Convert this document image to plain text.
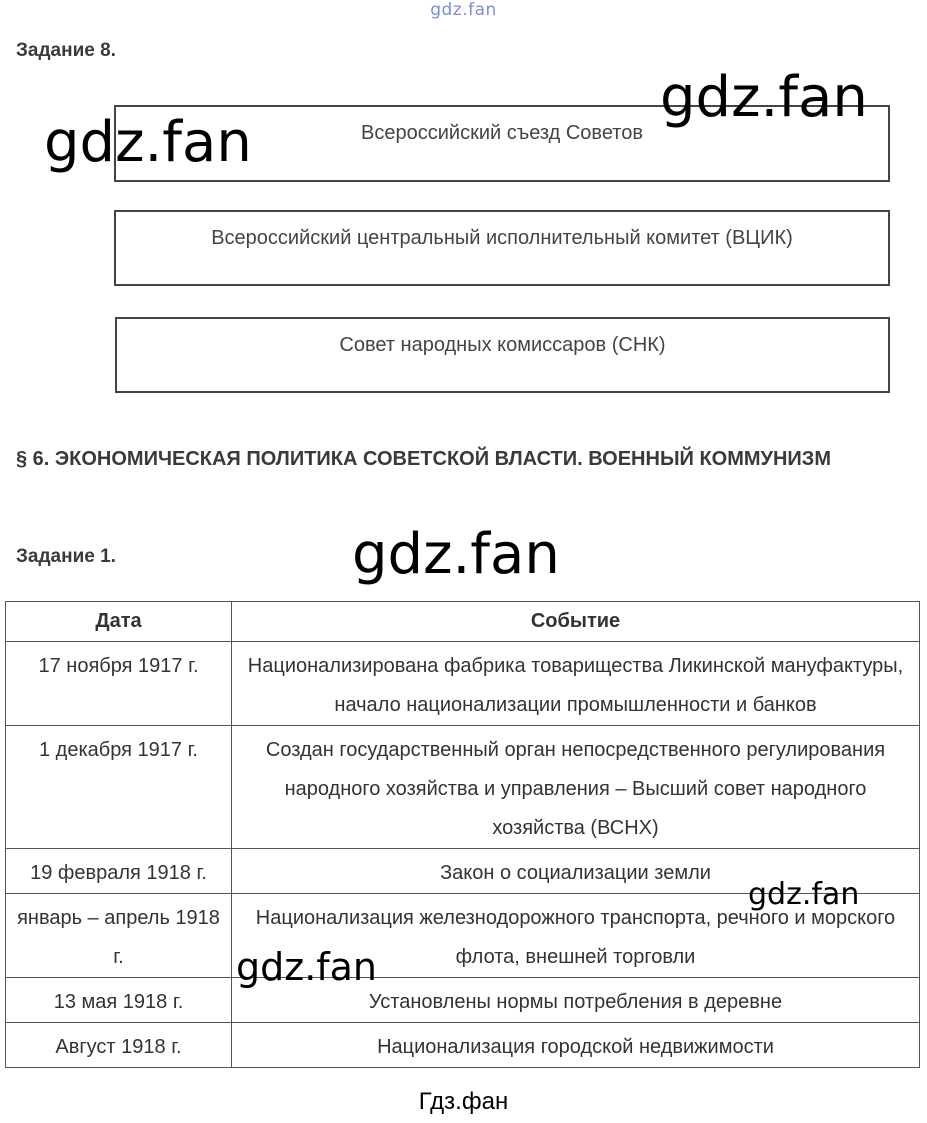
gdz.fan
Задание 8.
Всероссийский съезд Советов
Всероссийский центральный исполнительный комитет (ВЦИК)
Совет народных комиссаров (СНК)
§ 6. ЭКОНОМИЧЕСКАЯ ПОЛИТИКА СОВЕТСКОЙ ВЛАСТИ. ВОЕННЫЙ КОММУНИЗМ
Задание 1.
Дата	Событие
17 ноября 1917 г.	Национализирована фабрика товарищества Ликинской мануфактуры, начало национализации промышленности и банков
1 декабря 1917 г.	Создан государственный орган непосредственного регулирования народного хозяйства и управления – Высший совет народного хозяйства (ВСНХ)
19 февраля 1918 г.	Закон о социализации земли
январь – апрель 1918 г.	Национализация железнодорожного транспорта, речного и морского флота, внешней торговли
13 мая 1918 г.	Установлены нормы потребления в деревне
Август 1918 г.	Национализация городской недвижимости
gdz.fan
gdz.fan
gdz.fan
gdz.fan
gdz.fan
Гдз.фан
